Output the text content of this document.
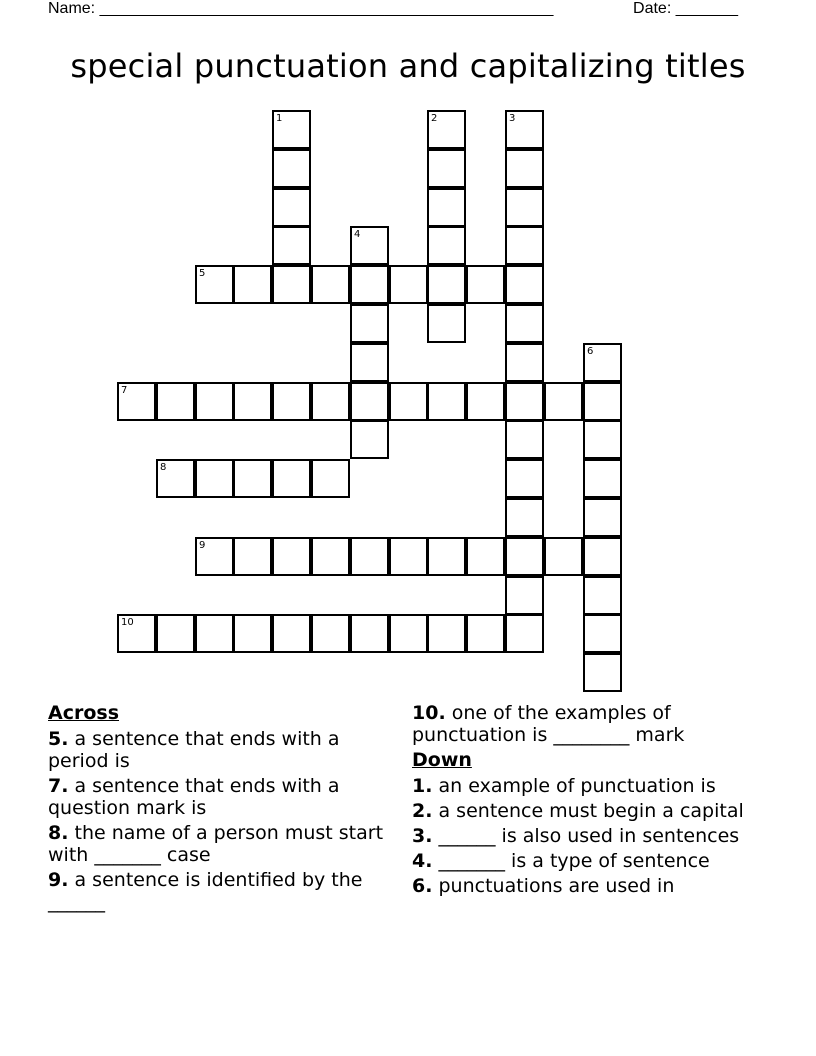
Name: ___________________________________________________	Date: _______
special punctuation and capitalizing titles
1	2	3
4
5
6
7
8
9
10
Across
5. a sentence that ends with a period is
7. a sentence that ends with a question mark is
8. the name of a person must start with _______ case
9. a sentence is identified by the ______
10. one of the examples of punctuation is ________ mark
Down
1. an example of punctuation is
2. a sentence must begin a capital
3. ______ is also used in sentences
4. _______ is a type of sentence
6. punctuations are used in
